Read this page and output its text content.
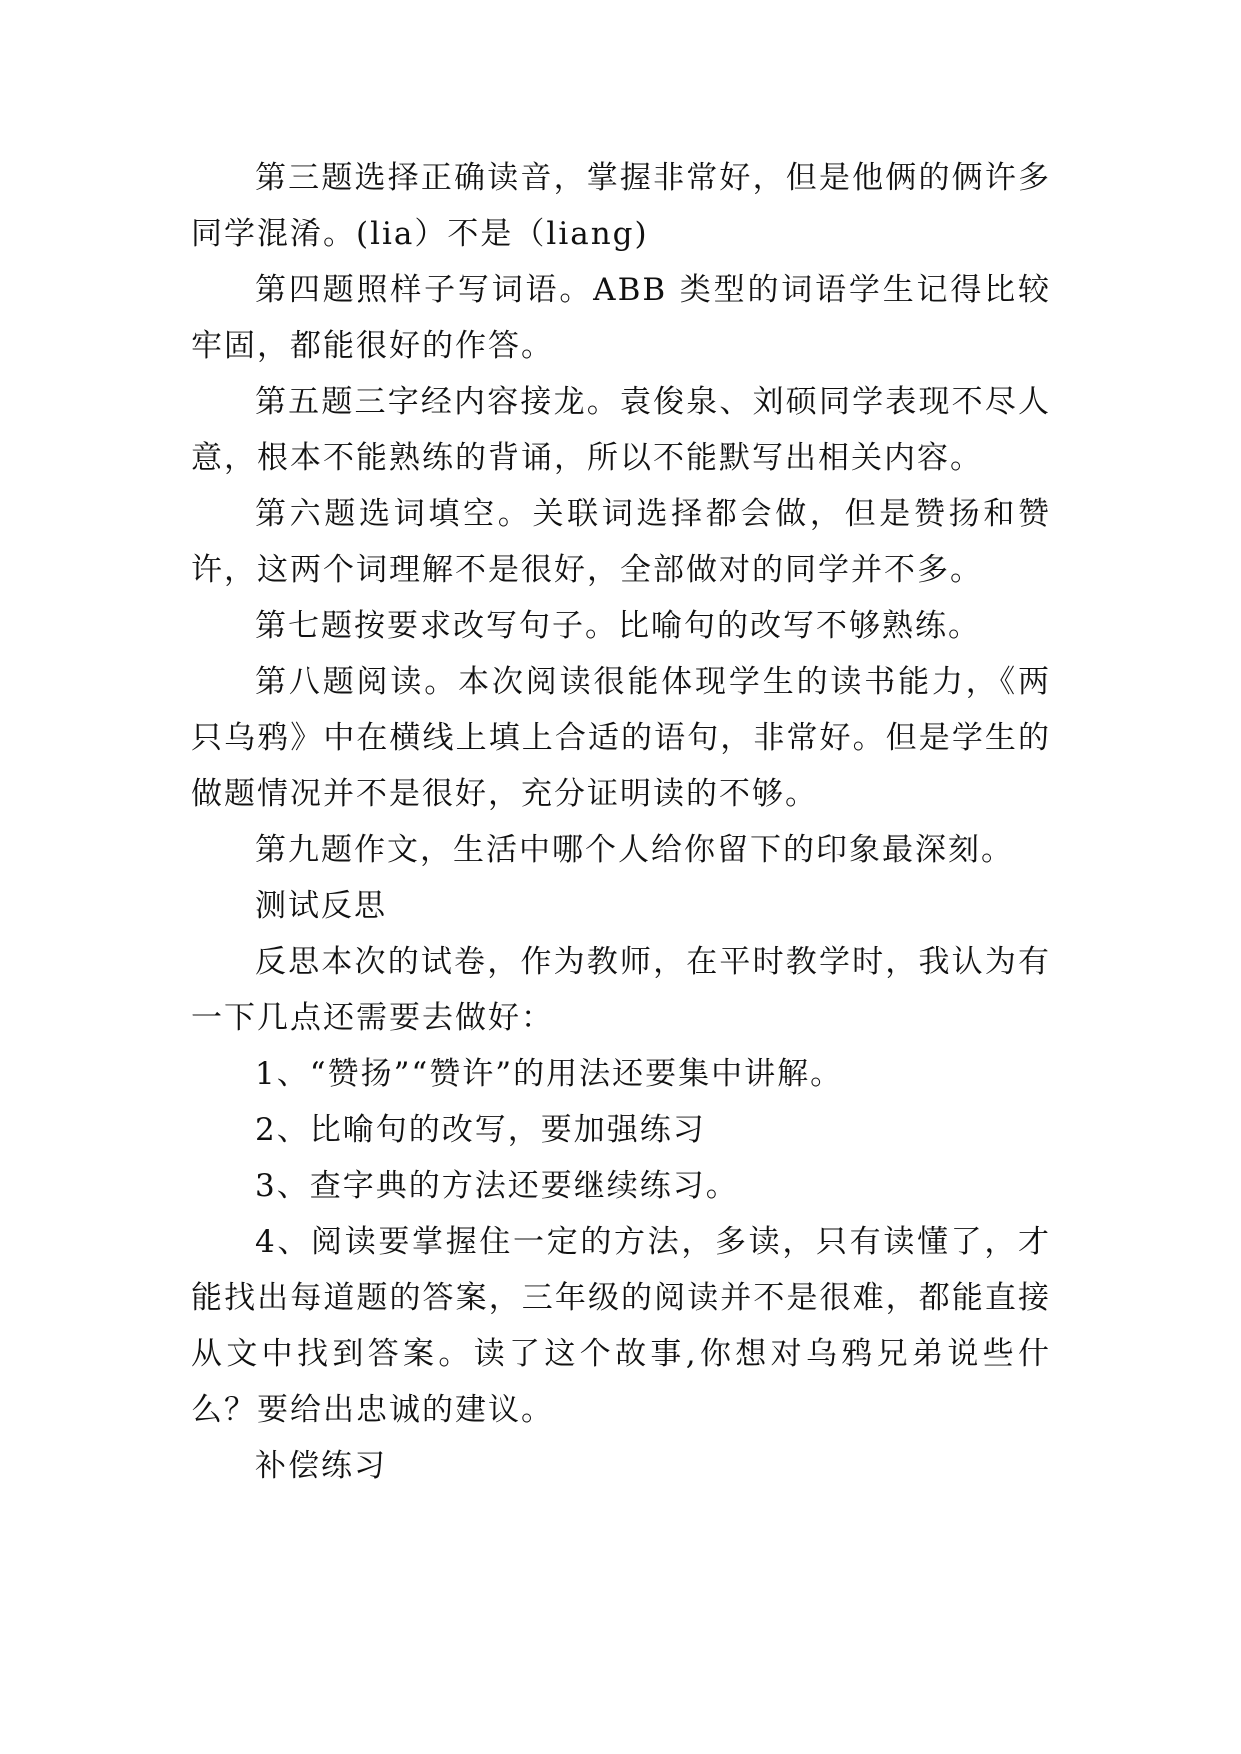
第三题选择正确读音，掌握非常好，但是他俩的俩许多同学混淆。(lia）不是（liang)

第四题照样子写词语。ABB 类型的词语学生记得比较牢固，都能很好的作答。

第五题三字经内容接龙。袁俊泉、刘硕同学表现不尽人意，根本不能熟练的背诵，所以不能默写出相关内容。

第六题选词填空。关联词选择都会做，但是赞扬和赞许，这两个词理解不是很好，全部做对的同学并不多。

第七题按要求改写句子。比喻句的改写不够熟练。

第八题阅读。本次阅读很能体现学生的读书能力，《两只乌鸦》中在横线上填上合适的语句，非常好。但是学生的做题情况并不是很好，充分证明读的不够。

第九题作文，生活中哪个人给你留下的印象最深刻。

测试反思

反思本次的试卷，作为教师，在平时教学时，我认为有一下几点还需要去做好：

1、“赞扬”“赞许”的用法还要集中讲解。

2、比喻句的改写，要加强练习

3、查字典的方法还要继续练习。

4、阅读要掌握住一定的方法，多读，只有读懂了，才能找出每道题的答案，三年级的阅读并不是很难，都能直接从文中找到答案。读了这个故事,你想对乌鸦兄弟说些什么？要给出忠诚的建议。

补偿练习
